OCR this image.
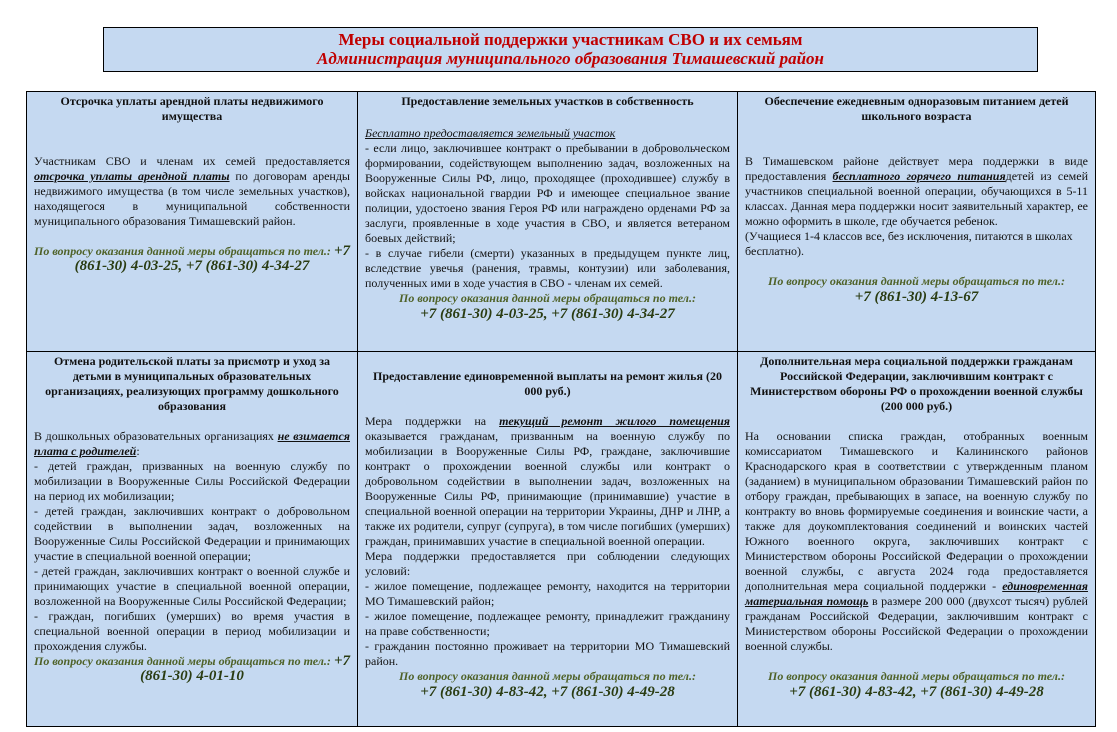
Меры социальной поддержки участникам СВО и их семьям
Администрация муниципального образования Тимашевский район
Отсрочка уплаты арендной платы недвижимого имущества
Участникам СВО и членам их семей предоставляется отсрочка уплаты арендной платы по договорам аренды недвижимого имущества (в том числе земельных участков), находящегося в муниципальной собственности муниципального образования Тимашевский район.
По вопросу оказания данной меры обращаться по тел.: +7 (861-30) 4-03-25, +7 (861-30) 4-34-27
Предоставление земельных участков в собственность
Бесплатно предоставляется земельный участок
- если лицо, заключившее контракт о пребывании в добровольческом формировании, содействующем выполнению задач, возложенных на Вооруженные Силы РФ, лицо, проходящее (проходившее) службу в войсках национальной гвардии РФ и имеющее специальное звание полиции, удостоено звания Героя РФ или награждено орденами РФ за заслуги, проявленные в ходе участия в СВО, и является ветераном боевых действий;
- в случае гибели (смерти) указанных в предыдущем пункте лиц, вследствие увечья (ранения, травмы, контузии) или заболевания, полученных ими в ходе участия в СВО - членам их семей.
По вопросу оказания данной меры обращаться по тел.:
+7 (861-30) 4-03-25, +7 (861-30) 4-34-27
Обеспечение ежедневным одноразовым питанием детей школьного возраста
В Тимашевском районе действует мера поддержки в виде предоставления бесплатного горячего питаниядетей из семей участников специальной военной операции, обучающихся в 5-11 классах. Данная мера поддержки носит заявительный характер, ее можно оформить в школе, где обучается ребенок.
(Учащиеся 1-4 классов все, без исключения, питаются в школах бесплатно).
По вопросу оказания данной меры обращаться по тел.:
+7 (861-30) 4-13-67
Отмена родительской платы за присмотр и уход за детьми в муниципальных образовательных организациях, реализующих программу дошкольного образования
В дошкольных образовательных организациях не взимается плата с родителей:
- детей граждан, призванных на военную службу по мобилизации в Вооруженные Силы Российской Федерации на период их мобилизации;
- детей граждан, заключивших контракт о добровольном содействии в выполнении задач, возложенных на Вооруженные Силы Российской Федерации и принимающих участие в специальной военной операции;
- детей граждан, заключивших контракт о военной службе и принимающих участие в специальной военной операции, возложенной на Вооруженные Силы Российской Федерации;
- граждан, погибших (умерших) во время участия в специальной военной операции в период мобилизации и прохождения службы.
По вопросу оказания данной меры обращаться по тел.: +7 (861-30) 4-01-10
Предоставление единовременной выплаты на ремонт жилья (20 000 руб.)
Мера поддержки на текущий ремонт жилого помещения оказывается гражданам, призванным на военную службу по мобилизации в Вооруженные Силы РФ, граждане, заключившие контракт о прохождении военной службы или контракт о добровольном содействии в выполнении задач, возложенных на Вооруженные Силы РФ, принимающие (принимавшие) участие в специальной военной операции на территории Украины, ДНР и ЛНР, а также их родители, супруг (супруга), в том числе погибших (умерших) граждан, принимавших участие в специальной военной операции.
Мера поддержки предоставляется при соблюдении следующих условий:
- жилое помещение, подлежащее ремонту, находится на территории МО Тимашевский район;
- жилое помещение, подлежащее ремонту, принадлежит гражданину на праве собственности;
- гражданин постоянно проживает на территории МО Тимашевский район.
По вопросу оказания данной меры обращаться по тел.:
+7 (861-30) 4-83-42, +7 (861-30) 4-49-28
Дополнительная мера социальной поддержки гражданам Российской Федерации, заключившим контракт с Министерством обороны РФ о прохождении военной службы (200 000 руб.)
На основании списка граждан, отобранных военным комиссариатом Тимашевского и Калининского районов Краснодарского края в соответствии с утвержденным планом (заданием) в муниципальном образовании Тимашевский район по отбору граждан, пребывающих в запасе, на военную службу по контракту во вновь формируемые соединения и воинские части, а также для доукомплектования соединений и воинских частей Южного военного округа, заключивших контракт с Министерством обороны Российской Федерации о прохождении военной службы, с августа 2024 года предоставляется дополнительная мера социальной поддержки - единовременная материальная помощь в размере 200 000 (двухсот тысяч) рублей гражданам Российской Федерации, заключившим контракт с Министерством обороны Российской Федерации о прохождении военной службы.
По вопросу оказания данной меры обращаться по тел.:
+7 (861-30) 4-83-42, +7 (861-30) 4-49-28
